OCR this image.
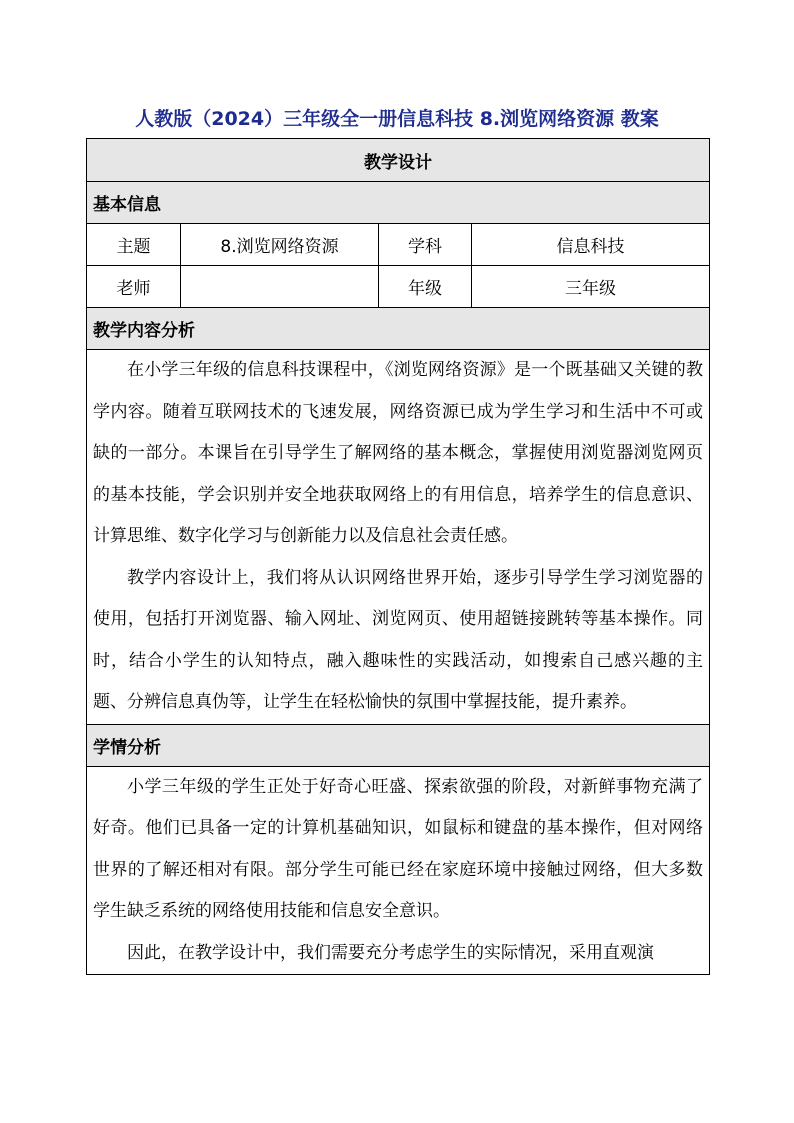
人教版（2024）三年级全一册信息科技 8.浏览网络资源 教案
教学设计			

基本信息			

主题	8.浏览网络资源	学科	信息科技
老师		年级	三年级

教学内容分析			

在小学三年级的信息科技课程中，《浏览网络资源》是一个既基础又关键的教学内容。随着互联网技术的飞速发展，网络资源已成为学生学习和生活中不可或缺的一部分。本课旨在引导学生了解网络的基本概念，掌握使用浏览器浏览网页的基本技能，学会识别并安全地获取网络上的有用信息，培养学生的信息意识、计算思维、数字化学习与创新能力以及信息社会责任感。

教学内容设计上，我们将从认识网络世界开始，逐步引导学生学习浏览器的使用，包括打开浏览器、输入网址、浏览网页、使用超链接跳转等基本操作。同时，结合小学生的认知特点，融入趣味性的实践活动，如搜索自己感兴趣的主题、分辨信息真伪等，让学生在轻松愉快的氛围中掌握技能，提升素养。			

学情分析			

小学三年级的学生正处于好奇心旺盛、探索欲强的阶段，对新鲜事物充满了好奇。他们已具备一定的计算机基础知识，如鼠标和键盘的基本操作，但对网络世界的了解还相对有限。部分学生可能已经在家庭环境中接触过网络，但大多数学生缺乏系统的网络使用技能和信息安全意识。

因此，在教学设计中，我们需要充分考虑学生的实际情况，采用直观演			
